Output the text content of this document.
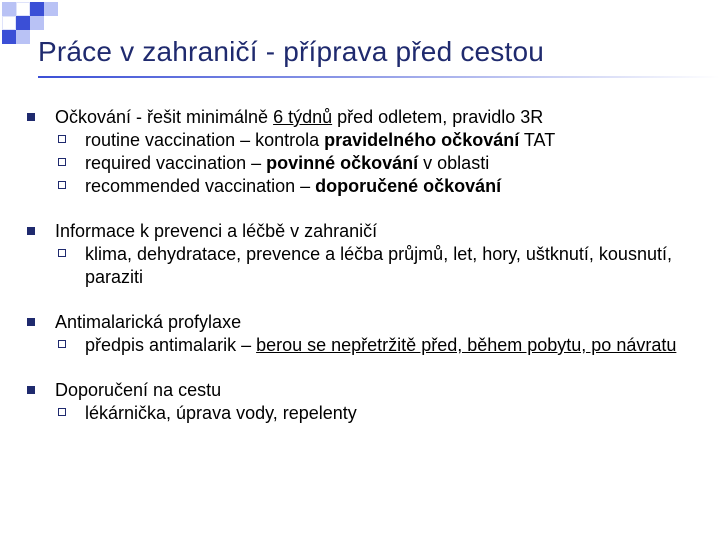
Práce v zahraničí - příprava před cestou
Očkování - řešit minimálně 6 týdnů před odletem, pravidlo 3R
routine vaccination – kontrola pravidelného očkování TAT
required vaccination – povinné očkování v oblasti
recommended vaccination – doporučené očkování
Informace k prevenci a léčbě v zahraničí
klima, dehydratace, prevence a léčba průjmů, let, hory, uštknutí, kousnutí, paraziti
Antimalarická profylaxe
předpis antimalarik – berou se nepřetržitě před, během pobytu, po návratu
Doporučení na cestu
lékárnička, úprava vody, repelenty
